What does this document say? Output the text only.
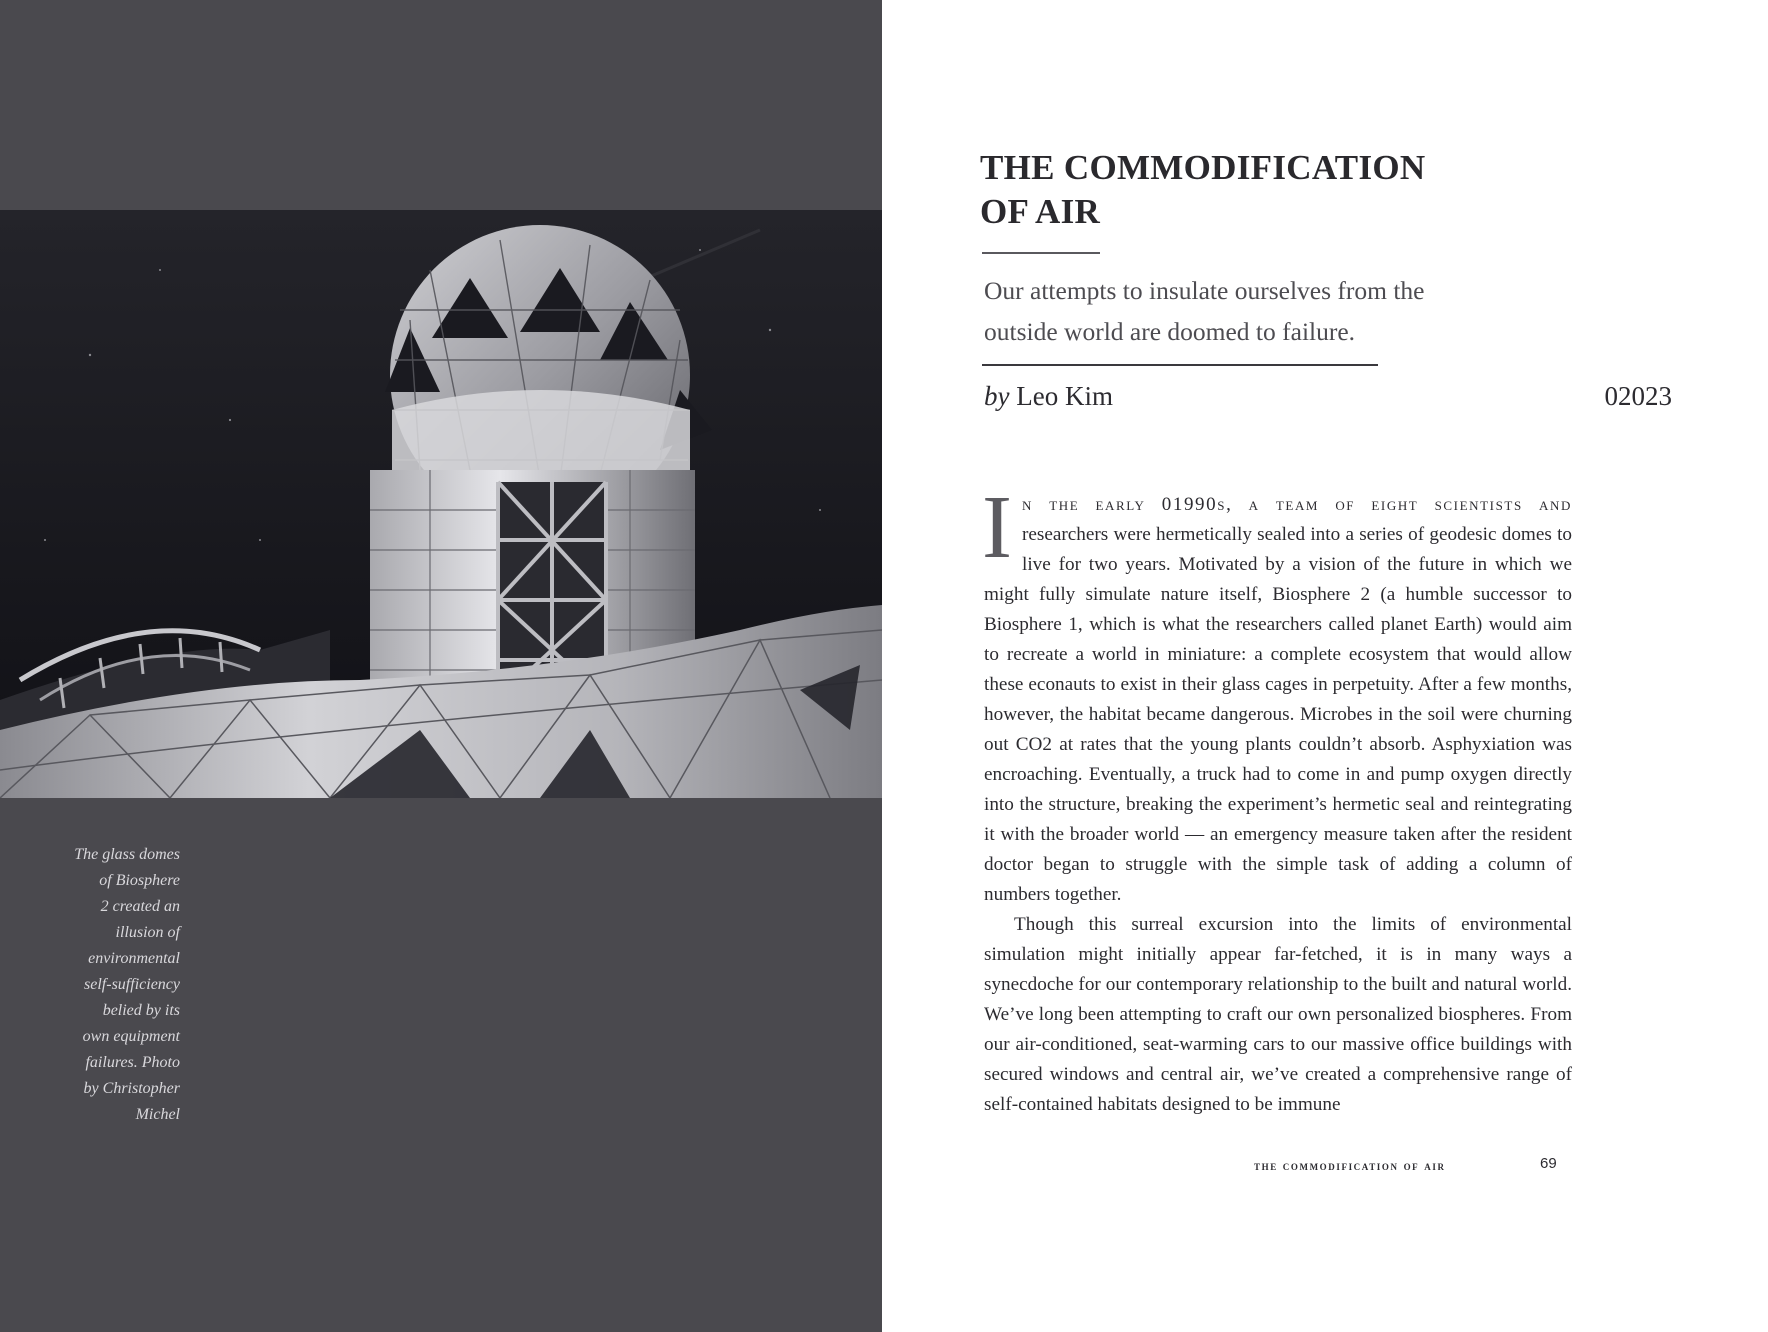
The glass domes
of Biosphere
2 created an
illusion of
environmental
self-sufficiency
belied by its
own equipment
failures. Photo
by Christopher
Michel
THE COMMODIFICATION
OF AIR
Our attempts to insulate ourselves from the
outside world are doomed to failure.
by Leo Kim	02023

In the early 01990s, a team of eight scientists and researchers were hermetically sealed into a series of geodesic domes to live for two years. Motivated by a vision of the future in which we might fully simulate nature itself, Biosphere 2 (a humble successor to Biosphere 1, which is what the researchers called planet Earth) would aim to recreate a world in miniature: a complete ecosystem that would allow these econauts to exist in their glass cages in perpetuity. After a few months, however, the habitat became dangerous. Microbes in the soil were churning out CO2 at rates that the young plants couldn’t absorb. Asphyxiation was encroaching. Eventually, a truck had to come in and pump oxygen directly into the structure, breaking the experiment’s hermetic seal and reintegrating it with the broader world — an emergency measure taken after the resident doctor began to struggle with the simple task of adding a column of numbers together.

Though this surreal excursion into the limits of environmental simulation might initially appear far-fetched, it is in many ways a synecdoche for our contemporary relationship to the built and natural world. We’ve long been attempting to craft our own personalized biospheres. From our air-conditioned, seat-warming cars to our massive office buildings with secured windows and central air, we’ve created a comprehensive range of self-contained habitats designed to be immune

the commodification of air	69
